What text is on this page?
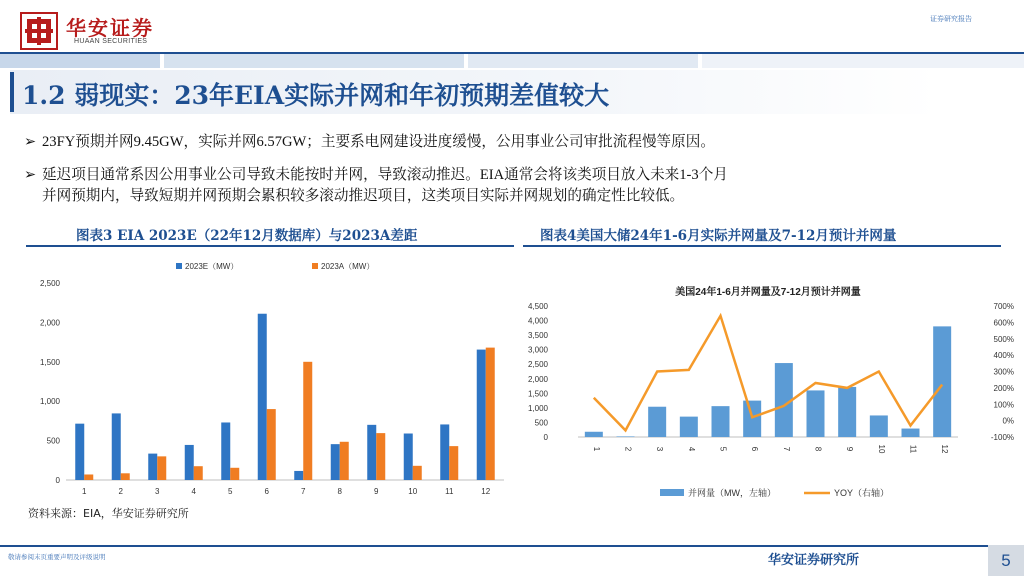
华安证券
HUAAN SECURITIES
证券研究报告
1.2 弱现实：23年EIA实际并网和年初预期差值较大
➢ 23FY预期并网9.45GW，实际并网6.57GW；主要系电网建设进度缓慢，公用事业公司审批流程慢等原因。
➢ 延迟项目通常系因公用事业公司导致未能按时并网，导致滚动推迟。EIA通常会将该类项目放入未来1-3个月
并网预期内，导致短期并网预期会累积较多滚动推迟项目，这类项目实际并网规划的确定性比较低。
图表3 EIA 2023E（22年12月数据库）与2023A差距	图表4美国大储24年1-6月实际并网量及7-12月预计并网量
0
500
1,000
1,500
2,000
2,500
1	2	3	4	5	6	7	8	9	10	11	12
2023E（MW）	2023A（MW）
美国24年1-6月并网量及7-12月预计并网量
0
500
1,000
1,500
2,000
2,500
3,000
3,500
4,000
4,500
-100%
0%
100%
200%
300%
400%
500%
600%
700%
1	2	3	4	5	6	7	8	9	10	11	12
并网量（MW，左轴）	YOY（右轴）
资料来源：EIA，华安证券研究所
敬请参阅末页重要声明及评级说明	华安证券研究所	5
